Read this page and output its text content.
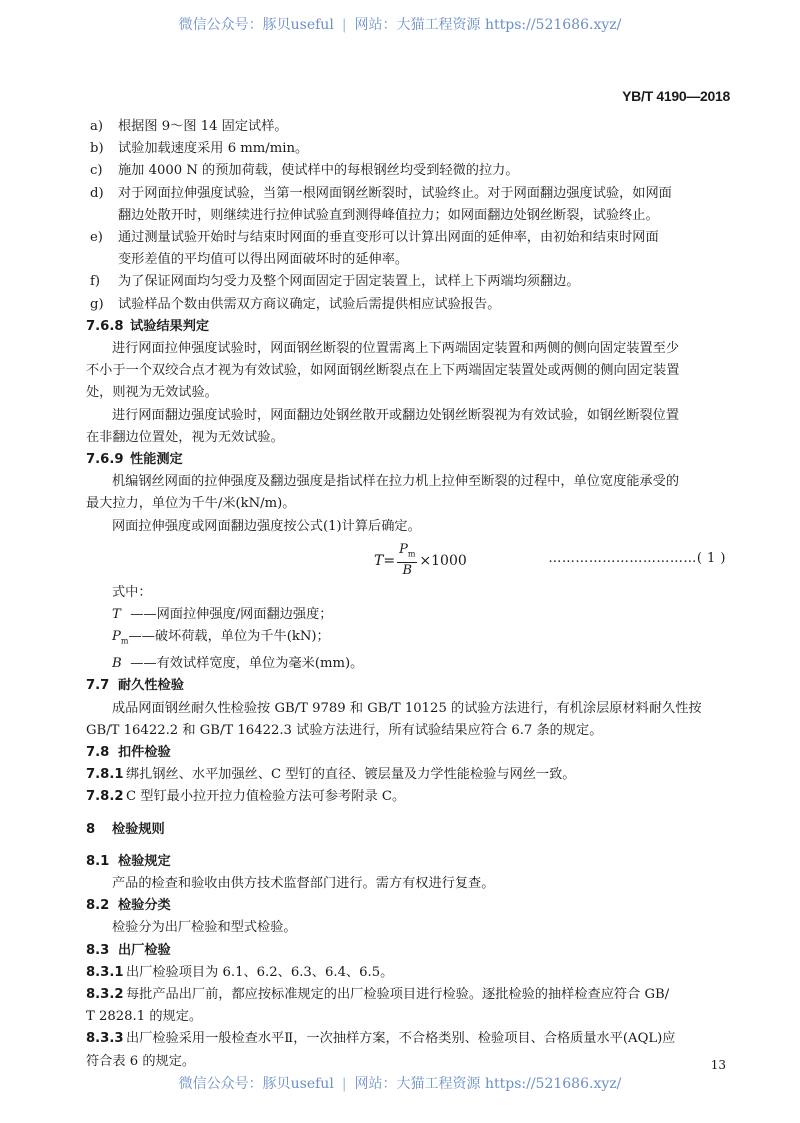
微信公众号：豚贝useful | 网站：大猫工程资源 https://521686.xyz/
YB/T 4190—2018
a) 根据图 9～图 14 固定试样。
b) 试验加载速度采用 6 mm/min。
c) 施加 4000 N 的预加荷载，使试样中的每根钢丝均受到轻微的拉力。
d) 对于网面拉伸强度试验，当第一根网面钢丝断裂时，试验终止。对于网面翻边强度试验，如网面
翻边处散开时，则继续进行拉伸试验直到测得峰值拉力；如网面翻边处钢丝断裂，试验终止。
e) 通过测量试验开始时与结束时网面的垂直变形可以计算出网面的延伸率，由初始和结束时网面
变形差值的平均值可以得出网面破坏时的延伸率。
f) 为了保证网面均匀受力及整个网面固定于固定装置上，试样上下两端均须翻边。
g) 试验样品个数由供需双方商议确定，试验后需提供相应试验报告。
7.6.8 试验结果判定
进行网面拉伸强度试验时，网面钢丝断裂的位置需离上下两端固定装置和两侧的侧向固定装置至少
不小于一个双绞合点才视为有效试验，如网面钢丝断裂点在上下两端固定装置处或两侧的侧向固定装置
处，则视为无效试验。
进行网面翻边强度试验时，网面翻边处钢丝散开或翻边处钢丝断裂视为有效试验，如钢丝断裂位置
在非翻边位置处，视为无效试验。
7.6.9 性能测定
机编钢丝网面的拉伸强度及翻边强度是指试样在拉力机上拉伸至断裂的过程中，单位宽度能承受的
最大拉力，单位为千牛/米(kN/m)。
网面拉伸强度或网面翻边强度按公式(1)计算后确定。
$T = \frac{P_m}{B} \times 1000$	……………………………( 1 )
式中：
T ——网面拉伸强度/网面翻边强度；
$P_m——$破坏荷载，单位为千牛(kN)；
B ——有效试样宽度，单位为毫米(mm)。
7.7 耐久性检验
成品网面钢丝耐久性检验按 GB/T 9789 和 GB/T 10125 的试验方法进行，有机涂层原材料耐久性按
GB/T 16422.2 和 GB/T 16422.3 试验方法进行，所有试验结果应符合 6.7 条的规定。
7.8 扣件检验
7.8.1 绑扎钢丝、水平加强丝、C 型钉的直径、镀层量及力学性能检验与网丝一致。
7.8.2 C 型钉最小拉开拉力值检验方法可参考附录 C。
8 检验规则
8.1 检验规定
产品的检查和验收由供方技术监督部门进行。需方有权进行复查。
8.2 检验分类
检验分为出厂检验和型式检验。
8.3 出厂检验
8.3.1 出厂检验项目为 6.1、6.2、6.3、6.4、6.5。
8.3.2 每批产品出厂前，都应按标准规定的出厂检验项目进行检验。逐批检验的抽样检查应符合 GB/
T 2828.1 的规定。
8.3.3 出厂检验采用一般检查水平Ⅱ，一次抽样方案，不合格类别、检验项目、合格质量水平(AQL)应
符合表 6 的规定。	13
微信公众号：豚贝useful | 网站：大猫工程资源 https://521686.xyz/
